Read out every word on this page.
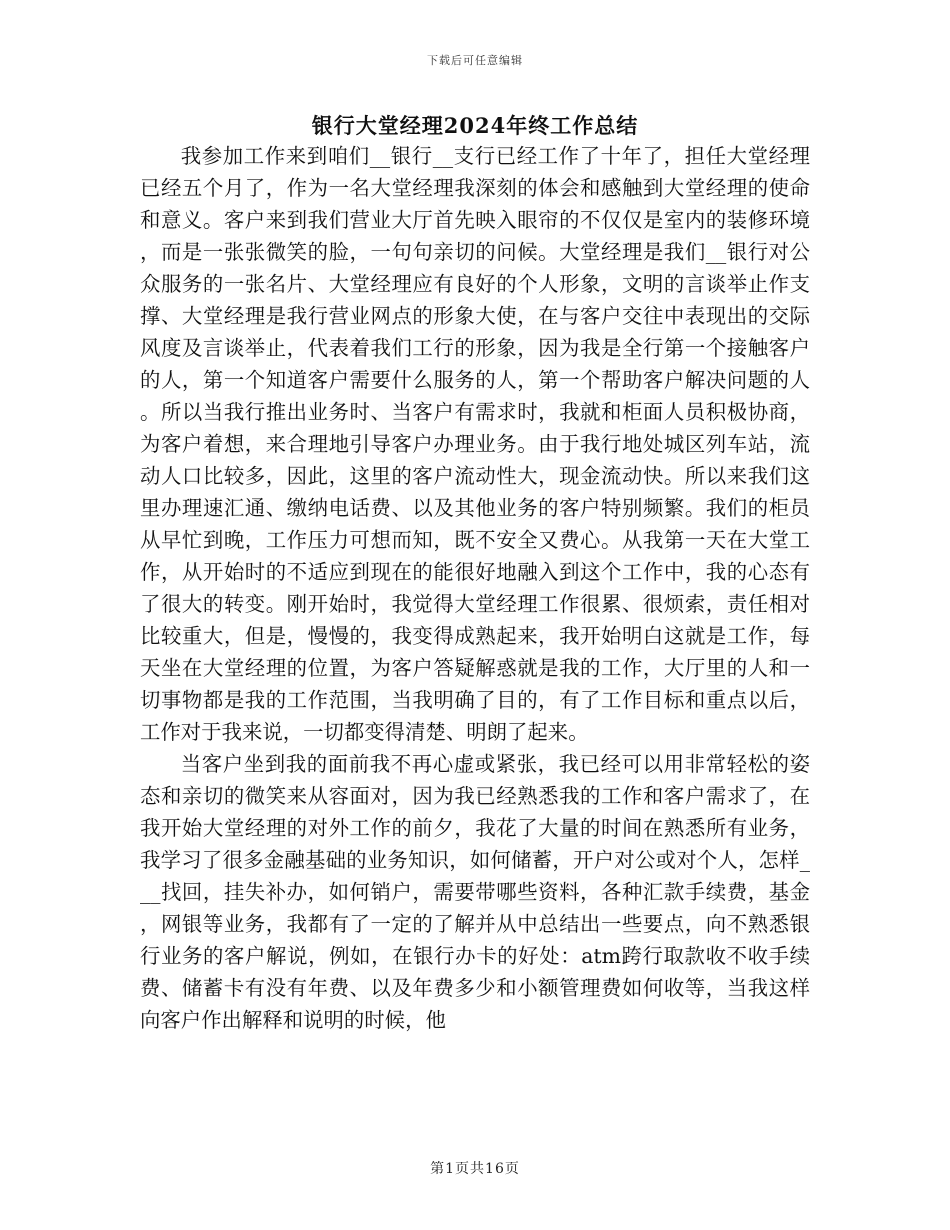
下载后可任意编辑
银行大堂经理2024年终工作总结

我参加工作来到咱们__银行__支行已经工作了十年了，担任大堂经理已经五个月了，作为一名大堂经理我深刻的体会和感触到大堂经理的使命和意义。客户来到我们营业大厅首先映入眼帘的不仅仅是室内的装修环境，而是一张张微笑的脸，一句句亲切的问候。大堂经理是我们__银行对公众服务的一张名片、大堂经理应有良好的个人形象，文明的言谈举止作支撑、大堂经理是我行营业网点的形象大使，在与客户交往中表现出的交际风度及言谈举止，代表着我们工行的形象，因为我是全行第一个接触客户的人，第一个知道客户需要什么服务的人，第一个帮助客户解决问题的人。所以当我行推出业务时、当客户有需求时，我就和柜面人员积极协商，为客户着想，来合理地引导客户办理业务。由于我行地处城区列车站，流动人口比较多，因此，这里的客户流动性大，现金流动快。所以来我们这里办理速汇通、缴纳电话费、以及其他业务的客户特别频繁。我们的柜员从早忙到晚，工作压力可想而知，既不安全又费心。从我第一天在大堂工作，从开始时的不适应到现在的能很好地融入到这个工作中，我的心态有了很大的转变。刚开始时，我觉得大堂经理工作很累、很烦索，责任相对比较重大，但是，慢慢的，我变得成熟起来，我开始明白这就是工作，每天坐在大堂经理的位置，为客户答疑解惑就是我的工作，大厅里的人和一切事物都是我的工作范围，当我明确了目的，有了工作目标和重点以后，工作对于我来说，一切都变得清楚、明朗了起来。

当客户坐到我的面前我不再心虚或紧张，我已经可以用非常轻松的姿态和亲切的微笑来从容面对，因为我已经熟悉我的工作和客户需求了，在我开始大堂经理的对外工作的前夕，我花了大量的时间在熟悉所有业务，我学习了很多金融基础的业务知识，如何储蓄，开户对公或对个人，怎样___找回，挂失补办，如何销户，需要带哪些资料，各种汇款手续费，基金，网银等业务，我都有了一定的了解并从中总结出一些要点，向不熟悉银行业务的客户解说，例如，在银行办卡的好处：atm跨行取款收不收手续费、储蓄卡有没有年费、以及年费多少和小额管理费如何收等，当我这样向客户作出解释和说明的时候，他

第1页共16页
